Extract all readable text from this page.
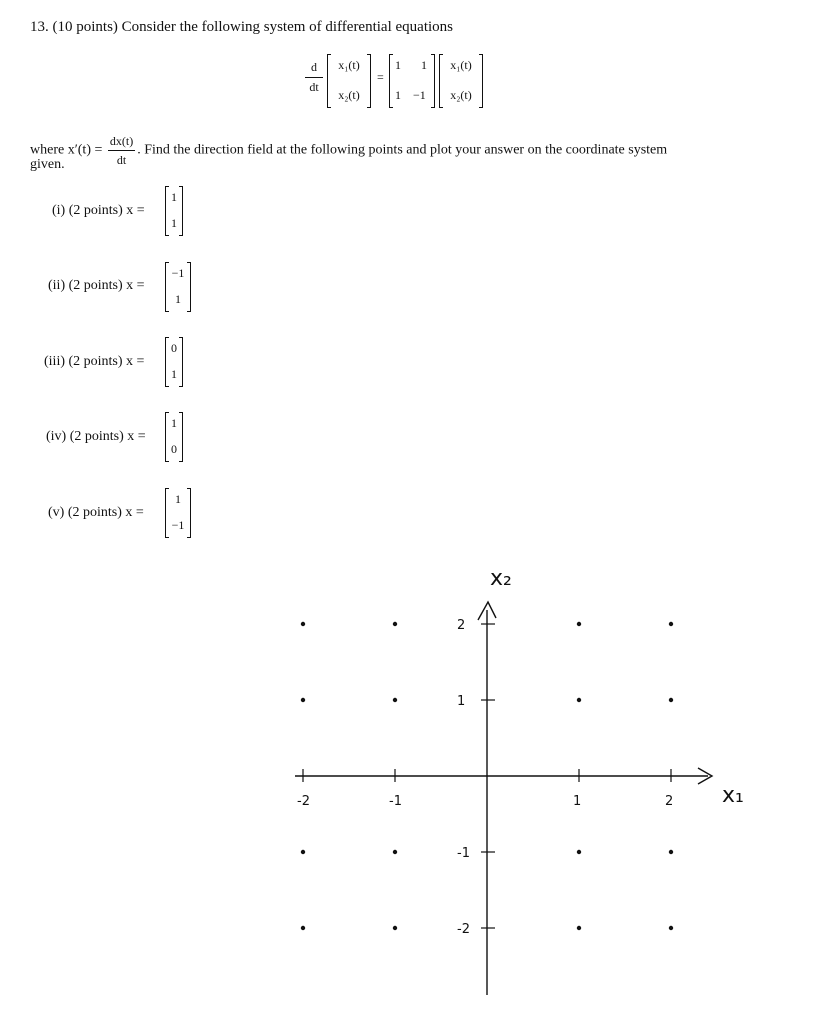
13. (10 points) Consider the following system of differential equations
d
dt
x₁(t)
x₂(t)
=
1 1
1 −1
x₁(t)
x₂(t)
where $x'(t) = \frac{dx(t)}{dt}$ . Find the direction field at the following points and plot your answer on the coordinate system
given.
(i) (2 points) x =
1
1
(ii) (2 points) x =
−1
1
(iii) (2 points) x =
0
1
(iv) (2 points) x =
1
0
(v) (2 points) x =
1
−1
-2	-1	1	2
2
1
-1
-2
x₂
x₁
